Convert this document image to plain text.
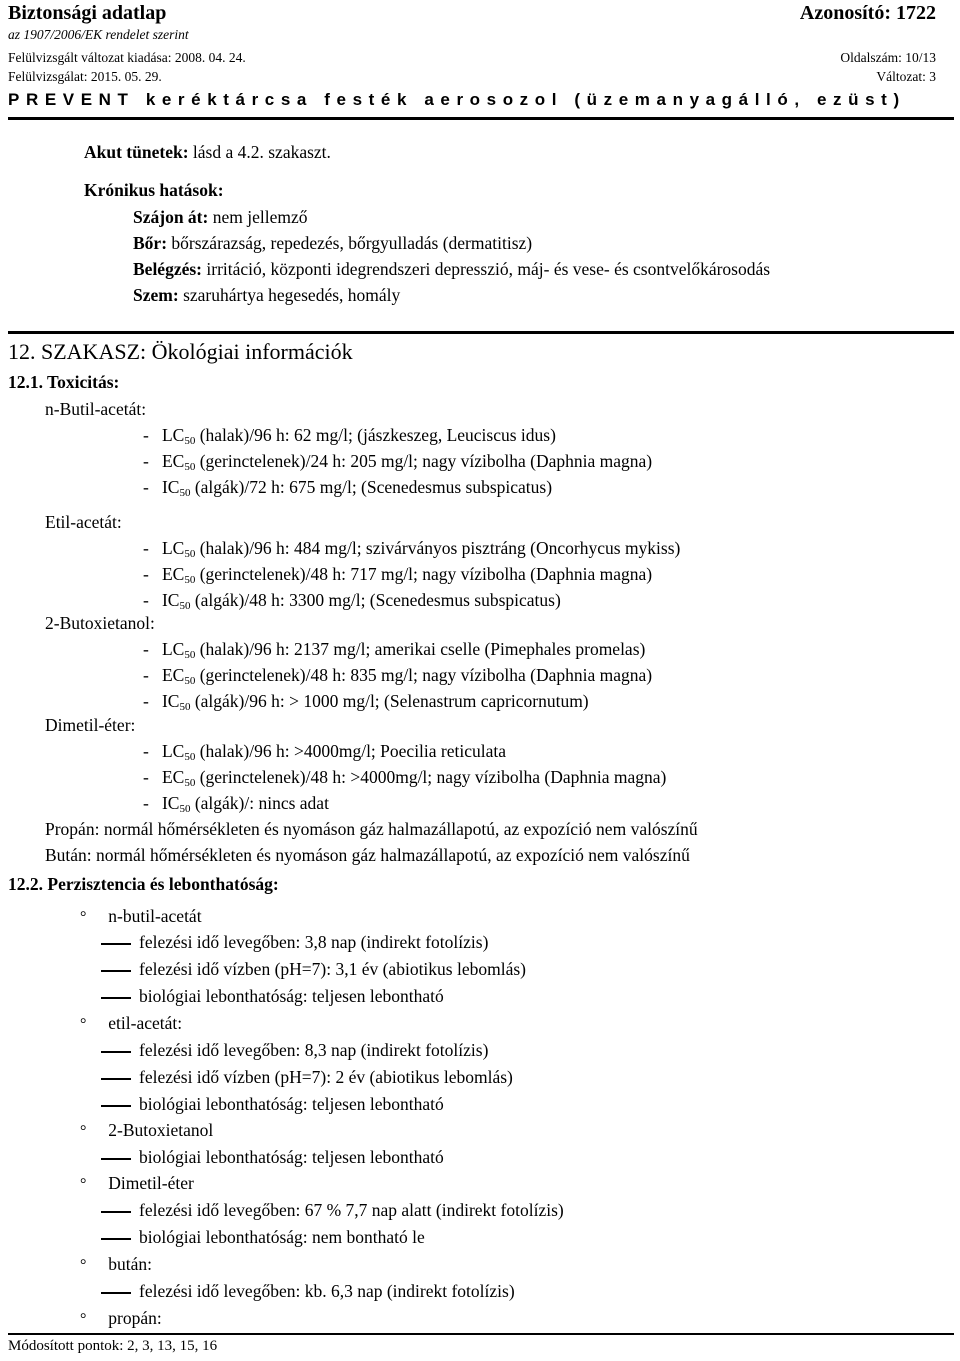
Biztonsági adatlap	Azonosító: 1722
az 1907/2006/EK rendelet szerint
Felülvizsgált változat kiadása: 2008. 04. 24.	Oldalszám: 10/13
Felülvizsgálat: 2015. 05. 29.	Változat: 3
PREVENT keréktárcsa festék aerosozol (üzemanyagálló, ezüst)
Akut tünetek: lásd a 4.2. szakaszt.
Krónikus hatások:
Szájon át: nem jellemző
Bőr: bőrszárazság, repedezés, bőrgyulladás (dermatitisz)
Belégzés: irritáció, központi idegrendszeri depresszió, máj- és vese- és csontvelőkárosodás
Szem: szaruhártya hegesedés, homály
12. SZAKASZ: Ökológiai információk
12.1. Toxicitás:
n-Butil-acetát:
-   $LC_{50}$ (halak)/96 h: 62 mg/l; (jászkeszeg, Leuciscus idus)
-   $EC_{50}$ (gerinctelenek)/24 h: 205 mg/l; nagy vízibolha (Daphnia magna)
-   $IC_{50}$ (algák)/72 h: 675 mg/l; (Scenedesmus subspicatus)
Etil-acetát:
-   $LC_{50}$ (halak)/96 h: 484 mg/l; szivárványos pisztráng (Oncorhycus mykiss)
-   $EC_{50}$ (gerinctelenek)/48 h: 717 mg/l; nagy vízibolha (Daphnia magna)
-   $IC_{50}$ (algák)/48 h: 3300 mg/l; (Scenedesmus subspicatus)
2-Butoxietanol:
-   $LC_{50}$ (halak)/96 h: 2137 mg/l; amerikai cselle (Pimephales promelas)
-   $EC_{50}$ (gerinctelenek)/48 h: 835 mg/l; nagy vízibolha (Daphnia magna)
-   $IC_{50}$ (algák)/96 h: > 1000 mg/l; (Selenastrum capricornutum)
Dimetil-éter:
-   $LC_{50}$ (halak)/96 h: >4000mg/l; Poecilia reticulata
-   $EC_{50}$ (gerinctelenek)/48 h: >4000mg/l; nagy vízibolha (Daphnia magna)
-   $IC_{50}$ (algák)/: nincs adat
Propán: normál hőmérsékleten és nyomáson gáz halmazállapotú, az expozíció nem valószínű
Bután: normál hőmérsékleten és nyomáson gáz halmazállapotú, az expozíció nem valószínű
12.2. Perzisztencia és lebonthatóság:
° n-butil-acetát
felezési idő levegőben: 3,8 nap (indirekt fotolízis)
felezési idő vízben (pH=7): 3,1 év (abiotikus lebomlás)
biológiai lebonthatóság: teljesen lebontható
° etil-acetát:
felezési idő levegőben: 8,3 nap (indirekt fotolízis)
felezési idő vízben (pH=7): 2 év (abiotikus lebomlás)
biológiai lebonthatóság: teljesen lebontható
° 2-Butoxietanol
biológiai lebonthatóság: teljesen lebontható
° Dimetil-éter
felezési idő levegőben: 67 % 7,7 nap alatt (indirekt fotolízis)
biológiai lebonthatóság: nem bontható le
° bután:
felezési idő levegőben: kb. 6,3 nap (indirekt fotolízis)
° propán:
Módosított pontok: 2, 3, 13, 15, 16
